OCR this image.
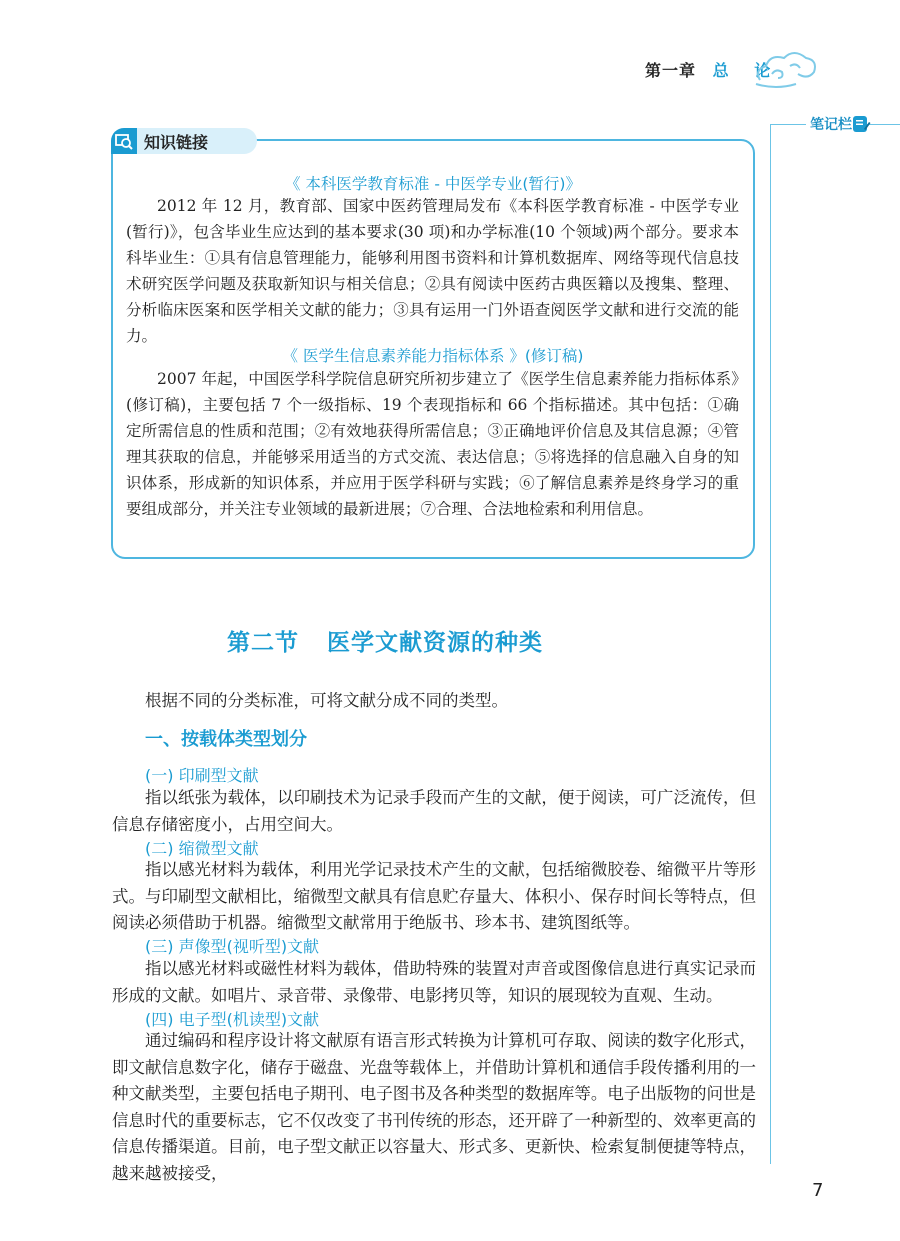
第一章 总 论
笔记栏
知识链接
《 本科医学教育标准 - 中医学专业(暂行)》
2012 年 12 月，教育部、国家中医药管理局发布《本科医学教育标准 - 中医学专业(暂行)》，包含毕业生应达到的基本要求(30 项)和办学标准(10 个领域)两个部分。要求本科毕业生：①具有信息管理能力，能够利用图书资料和计算机数据库、网络等现代信息技术研究医学问题及获取新知识与相关信息；②具有阅读中医药古典医籍以及搜集、整理、分析临床医案和医学相关文献的能力；③具有运用一门外语查阅医学文献和进行交流的能力。
《 医学生信息素养能力指标体系 》(修订稿)
2007 年起，中国医学科学院信息研究所初步建立了《医学生信息素养能力指标体系》(修订稿)，主要包括 7 个一级指标、19 个表现指标和 66 个指标描述。其中包括：①确定所需信息的性质和范围；②有效地获得所需信息；③正确地评价信息及其信息源；④管理其获取的信息，并能够采用适当的方式交流、表达信息；⑤将选择的信息融入自身的知识体系，形成新的知识体系，并应用于医学科研与实践；⑥了解信息素养是终身学习的重要组成部分，并关注专业领域的最新进展；⑦合理、合法地检索和利用信息。
第二节 医学文献资源的种类
根据不同的分类标准，可将文献分成不同的类型。
一、按载体类型划分
(一) 印刷型文献
指以纸张为载体，以印刷技术为记录手段而产生的文献，便于阅读，可广泛流传，但信息存储密度小，占用空间大。
(二) 缩微型文献
指以感光材料为载体，利用光学记录技术产生的文献，包括缩微胶卷、缩微平片等形式。与印刷型文献相比，缩微型文献具有信息贮存量大、体积小、保存时间长等特点，但阅读必须借助于机器。缩微型文献常用于绝版书、珍本书、建筑图纸等。
(三) 声像型(视听型)文献
指以感光材料或磁性材料为载体，借助特殊的装置对声音或图像信息进行真实记录而形成的文献。如唱片、录音带、录像带、电影拷贝等，知识的展现较为直观、生动。
(四) 电子型(机读型)文献
通过编码和程序设计将文献原有语言形式转换为计算机可存取、阅读的数字化形式，即文献信息数字化，储存于磁盘、光盘等载体上，并借助计算机和通信手段传播利用的一种文献类型，主要包括电子期刊、电子图书及各种类型的数据库等。电子出版物的问世是信息时代的重要标志，它不仅改变了书刊传统的形态，还开辟了一种新型的、效率更高的信息传播渠道。目前，电子型文献正以容量大、形式多、更新快、检索复制便捷等特点，越来越被接受，
7
